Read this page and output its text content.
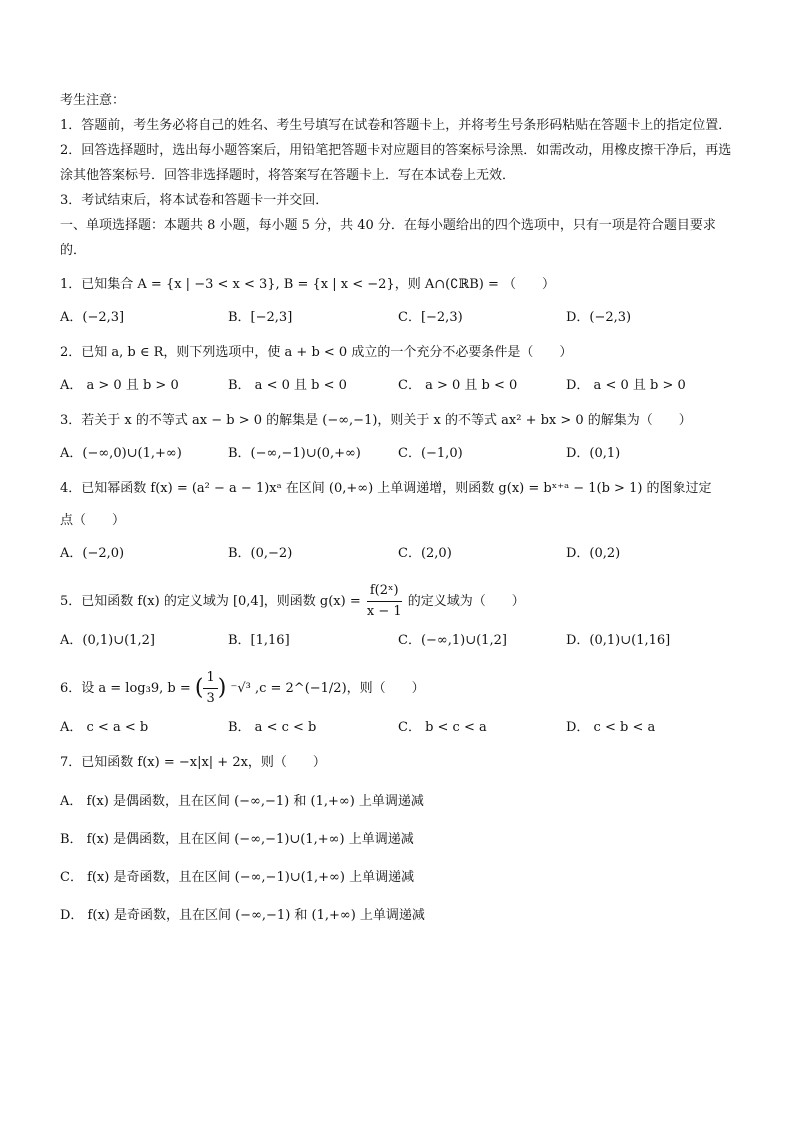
考生注意：
1．答题前，考生务必将自己的姓名、考生号填写在试卷和答题卡上，并将考生号条形码粘贴在答题卡上的指定位置．
2．回答选择题时，选出每小题答案后，用铅笔把答题卡对应题目的答案标号涂黑．如需改动，用橡皮擦干净后，再选涂其他答案标号．回答非选择题时，将答案写在答题卡上．写在本试卷上无效．
3．考试结束后，将本试卷和答题卡一并交回．
一、单项选择题：本题共 8 小题，每小题 5 分，共 40 分．在每小题给出的四个选项中，只有一项是符合题目要求的．
1．已知集合 A = {x | −3 < x < 3}, B = {x | x < −2}，则 A∩(∁ℝB) = （　　）
A．(−2,3]	B．[−2,3]	C．[−2,3)	D．(−2,3)
2．已知 a, b ∈ R，则下列选项中，使 a + b < 0 成立的一个充分不必要条件是（　　）
A． a > 0 且 b > 0	B． a < 0 且 b < 0	C． a > 0 且 b < 0	D． a < 0 且 b > 0
3．若关于 x 的不等式 ax − b > 0 的解集是 (−∞,−1)，则关于 x 的不等式 ax² + bx > 0 的解集为（　　）
A．(−∞,0)∪(1,+∞)	B．(−∞,−1)∪(0,+∞)	C．(−1,0)	D．(0,1)
4．已知幂函数 f(x) = (a² − a − 1)xᵃ 在区间 (0,+∞) 上单调递增，则函数 g(x) = bˣ⁺ᵃ − 1(b > 1) 的图象过定
点（　　）
A．(−2,0)	B．(0,−2)	C．(2,0)	D．(0,2)
5．已知函数 f(x) 的定义域为 [0,4]，则函数 $g(x) = \frac{\text{f(2ˣ)}}{x - 1}$ 的定义域为（　　）
A．(0,1)∪(1,2]	B．[1,16]	C．(−∞,1)∪(1,2]	D．(0,1)∪(1,16]
6．设 a = log₃9, b = ( $\frac{1}{3}$ ) ⁻√³ ,c = 2^(−1/2)，则（　　）
A． c < a < b	B． a < c < b	C． b < c < a	D． c < b < a
7．已知函数 f(x) = −x|x| + 2x，则（　　）
A． f(x) 是偶函数，且在区间 (−∞,−1) 和 (1,+∞) 上单调递减
B． f(x) 是偶函数，且在区间 (−∞,−1)∪(1,+∞) 上单调递减
C． f(x) 是奇函数，且在区间 (−∞,−1)∪(1,+∞) 上单调递减
D． f(x) 是奇函数，且在区间 (−∞,−1) 和 (1,+∞) 上单调递减
